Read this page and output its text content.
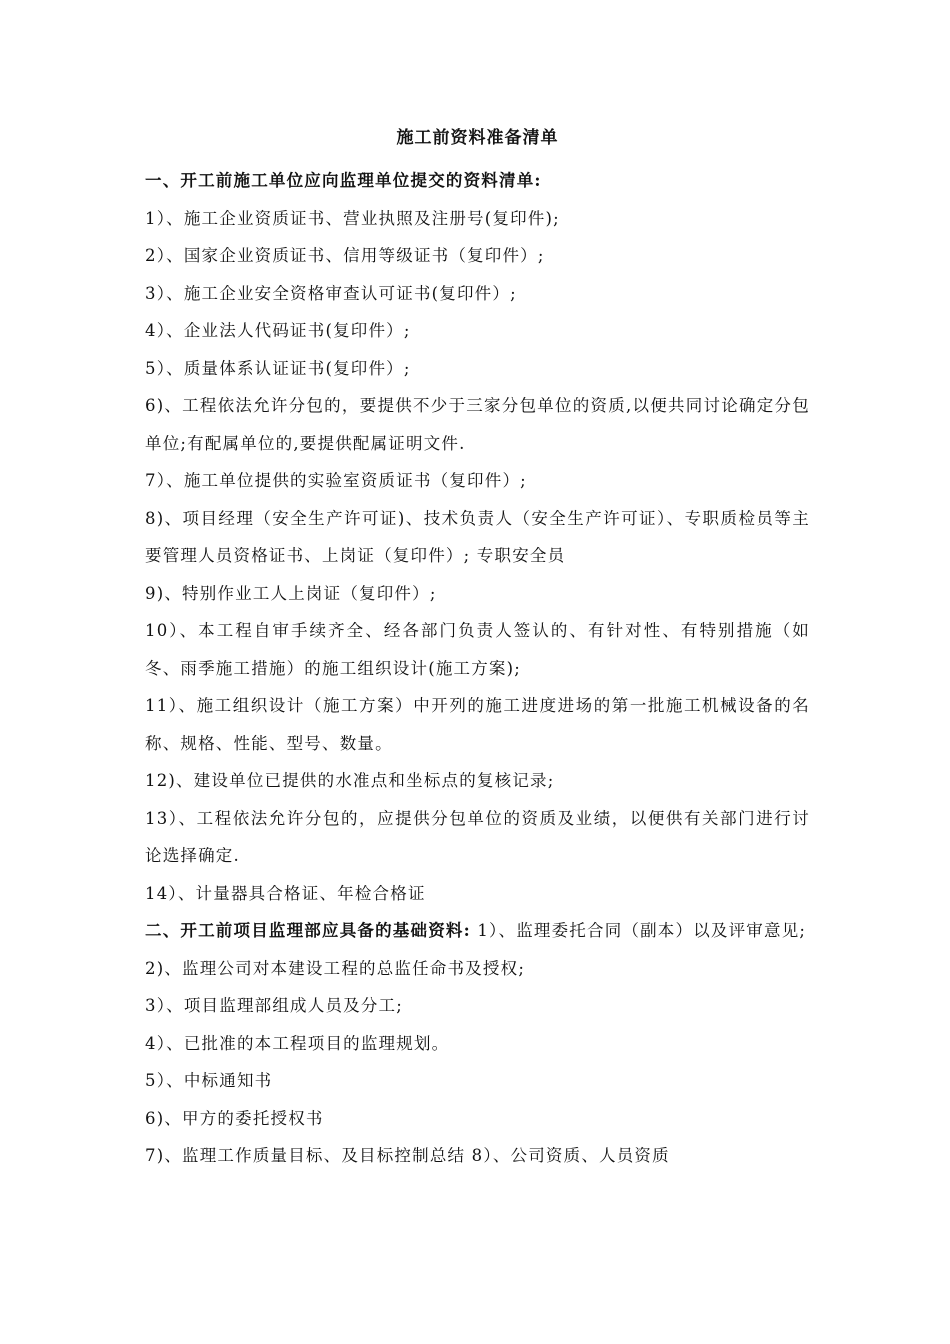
施工前资料准备清单

一、开工前施工单位应向监理单位提交的资料清单:

1）、施工企业资质证书、营业执照及注册号(复印件);

2）、国家企业资质证书、信用等级证书（复印件）;

3）、施工企业安全资格审查认可证书(复印件）;

4）、企业法人代码证书(复印件）;

5）、质量体系认证证书(复印件）;

6)、工程依法允许分包的，要提供不少于三家分包单位的资质,以便共同讨论确定分包单位;有配属单位的,要提供配属证明文件.

7）、施工单位提供的实验室资质证书（复印件）;

8)、项目经理（安全生产许可证)、技术负责人（安全生产许可证）、专职质检员等主要管理人员资格证书、上岗证（复印件）; 专职安全员

9)、特别作业工人上岗证（复印件）;

10）、本工程自审手续齐全、经各部门负责人签认的、有针对性、有特别措施（如冬、雨季施工措施）的施工组织设计(施工方案);

11）、施工组织设计（施工方案）中开列的施工进度进场的第一批施工机械设备的名称、规格、性能、型号、数量。

12)、建设单位已提供的水准点和坐标点的复核记录;

13）、工程依法允许分包的，应提供分包单位的资质及业绩，以便供有关部门进行讨论选择确定.

14）、计量器具合格证、年检合格证

二、开工前项目监理部应具备的基础资料: 1）、监理委托合同（副本）以及评审意见;

2)、监理公司对本建设工程的总监任命书及授权;

3）、项目监理部组成人员及分工;

4）、已批准的本工程项目的监理规划。

5）、中标通知书

6)、甲方的委托授权书

7)、监理工作质量目标、及目标控制总结 8）、公司资质、人员资质
